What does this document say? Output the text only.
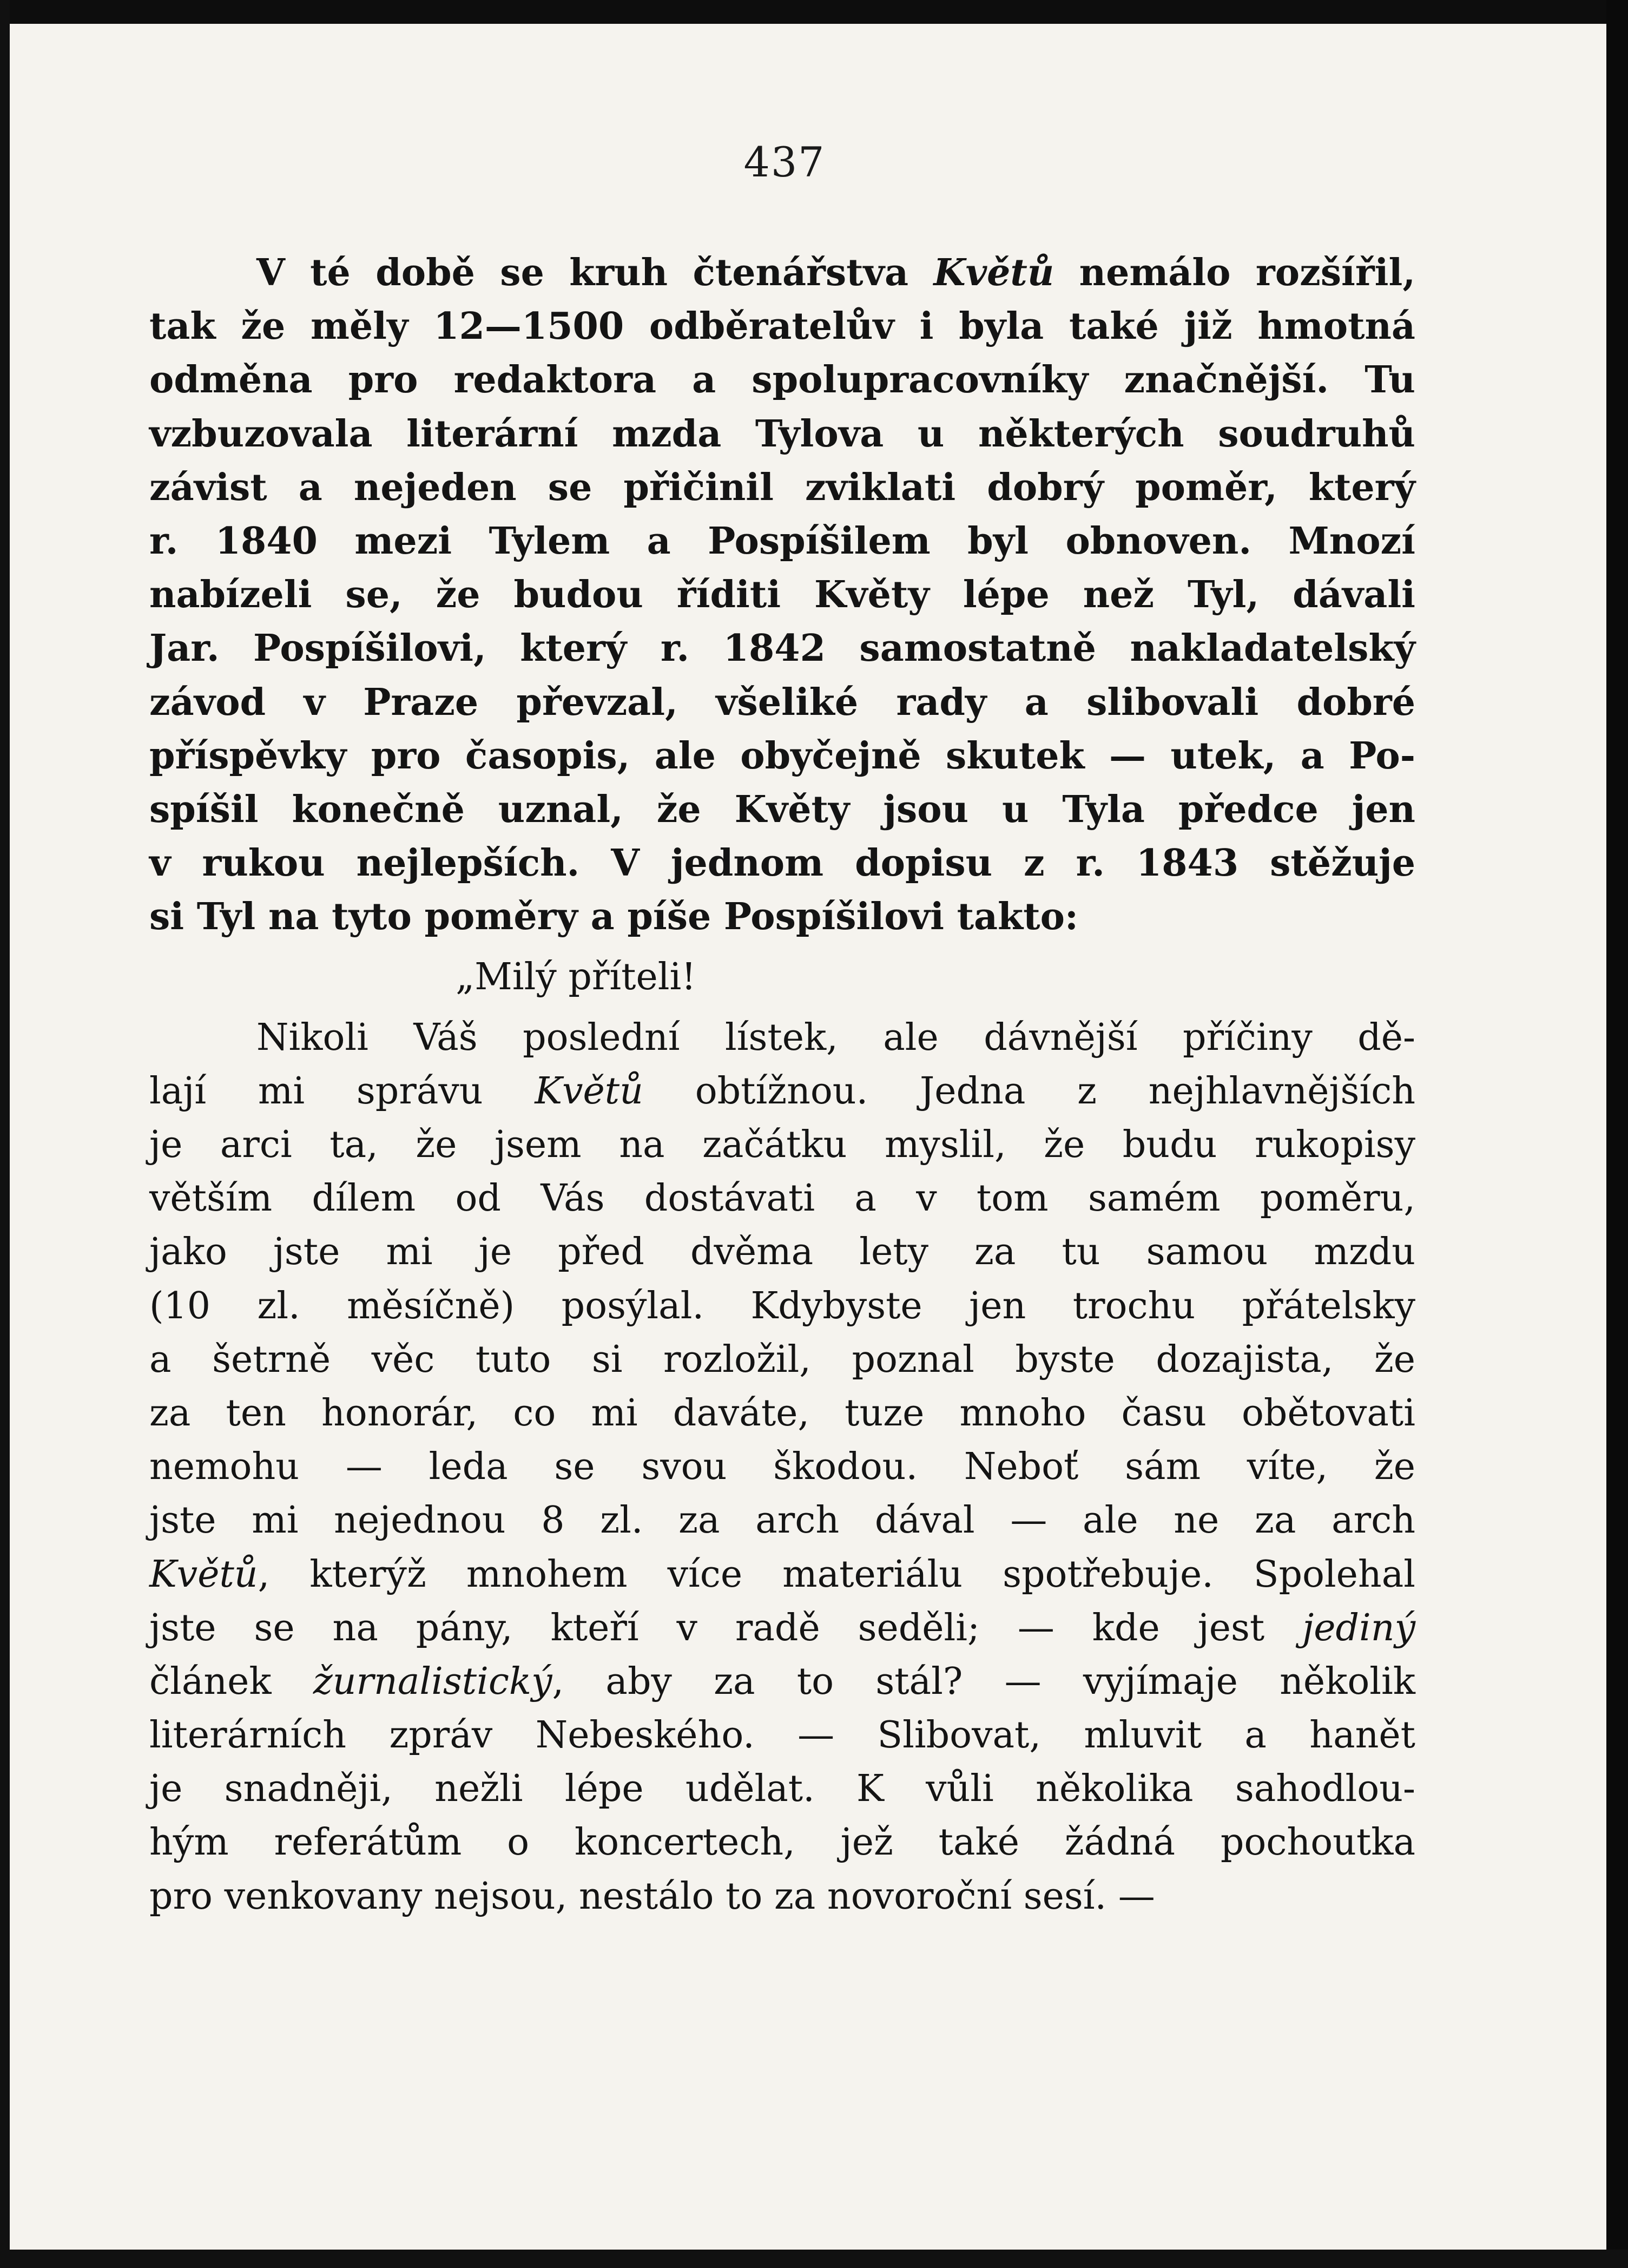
437
V té době se kruh čtenářstva Květů nemálo rozšířil,
tak že měly 12—1500 odběratelův i byla také již hmotná
odměna pro redaktora a spolupracovníky značnější. Tu
vzbuzovala literární mzda Tylova u některých soudruhů
závist a nejeden se přičinil zviklati dobrý poměr, který
r. 1840 mezi Tylem a Pospíšilem byl obnoven. Mnozí
nabízeli se, že budou říditi Květy lépe než Tyl, dávali
Jar. Pospíšilovi, který r. 1842 samostatně nakladatelský
závod v Praze převzal, všeliké rady a slibovali dobré
příspěvky pro časopis, ale obyčejně skutek — utek, a Po-
spíšil konečně uznal, že Květy jsou u Tyla předce jen
v rukou nejlepších. V jednom dopisu z r. 1843 stěžuje
si Tyl na tyto poměry a píše Pospíšilovi takto:
„Milý příteli!
Nikoli Váš poslední lístek, ale dávnější příčiny dě-
lají mi správu Květů obtížnou. Jedna z nejhlavnějších
je arci ta, že jsem na začátku myslil, že budu rukopisy
větším dílem od Vás dostávati a v tom samém poměru,
jako jste mi je před dvěma lety za tu samou mzdu
(10 zl. měsíčně) posýlal. Kdybyste jen trochu přátelsky
a šetrně věc tuto si rozložil, poznal byste dozajista, že
za ten honorár, co mi daváte, tuze mnoho času obětovati
nemohu — leda se svou škodou. Neboť sám víte, že
jste mi nejednou 8 zl. za arch dával — ale ne za arch
Květů, kterýž mnohem více materiálu spotřebuje. Spolehal
jste se na pány, kteří v radě seděli; — kde jest jediný
článek žurnalistický, aby za to stál? — vyjímaje několik
literárních zpráv Nebeského. — Slibovat, mluvit a hanět
je snadněji, nežli lépe udělat. K vůli několika sahodlou-
hým referátům o koncertech, jež také žádná pochoutka
pro venkovany nejsou, nestálo to za novoroční sesí. —
